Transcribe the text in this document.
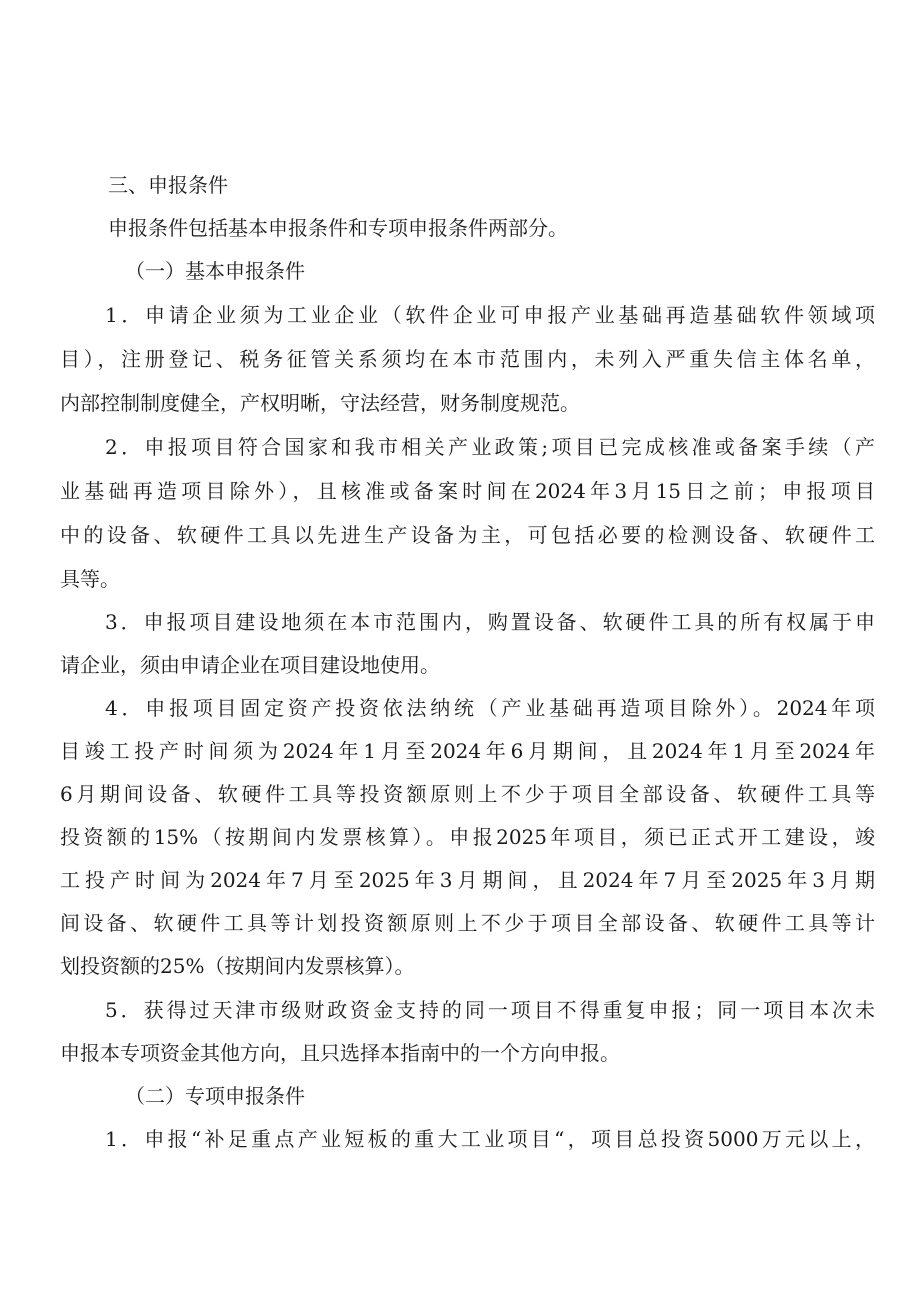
三、申报条件
申报条件包括基本申报条件和专项申报条件两部分。
（一）基本申报条件
1．申请企业须为工业企业（软件企业可申报产业基础再造基础软件领域项
目），注册登记、税务征管关系须均在本市范围内，未列入严重失信主体名单，
内部控制制度健全，产权明晰，守法经营，财务制度规范。
2．申报项目符合国家和我市相关产业政策;项目已完成核准或备案手续（产
业基础再造项目除外），且核准或备案时间在2024年3月15日之前；申报项目
中的设备、软硬件工具以先进生产设备为主，可包括必要的检测设备、软硬件工
具等。
3．申报项目建设地须在本市范围内，购置设备、软硬件工具的所有权属于申
请企业，须由申请企业在项目建设地使用。
4．申报项目固定资产投资依法纳统（产业基础再造项目除外）。2024年项
目竣工投产时间须为2024年1月至2024年6月期间，且2024年1月至2024年
6月期间设备、软硬件工具等投资额原则上不少于项目全部设备、软硬件工具等
投资额的15%（按期间内发票核算）。申报2025年项目，须已正式开工建设，竣
工投产时间为2024年7月至2025年3月期间，且2024年7月至2025年3月期
间设备、软硬件工具等计划投资额原则上不少于项目全部设备、软硬件工具等计
划投资额的25%（按期间内发票核算）。
5．获得过天津市级财政资金支持的同一项目不得重复申报；同一项目本次未
申报本专项资金其他方向，且只选择本指南中的一个方向申报。
（二）专项申报条件
1．申报“补足重点产业短板的重大工业项目“，项目总投资5000万元以上，
